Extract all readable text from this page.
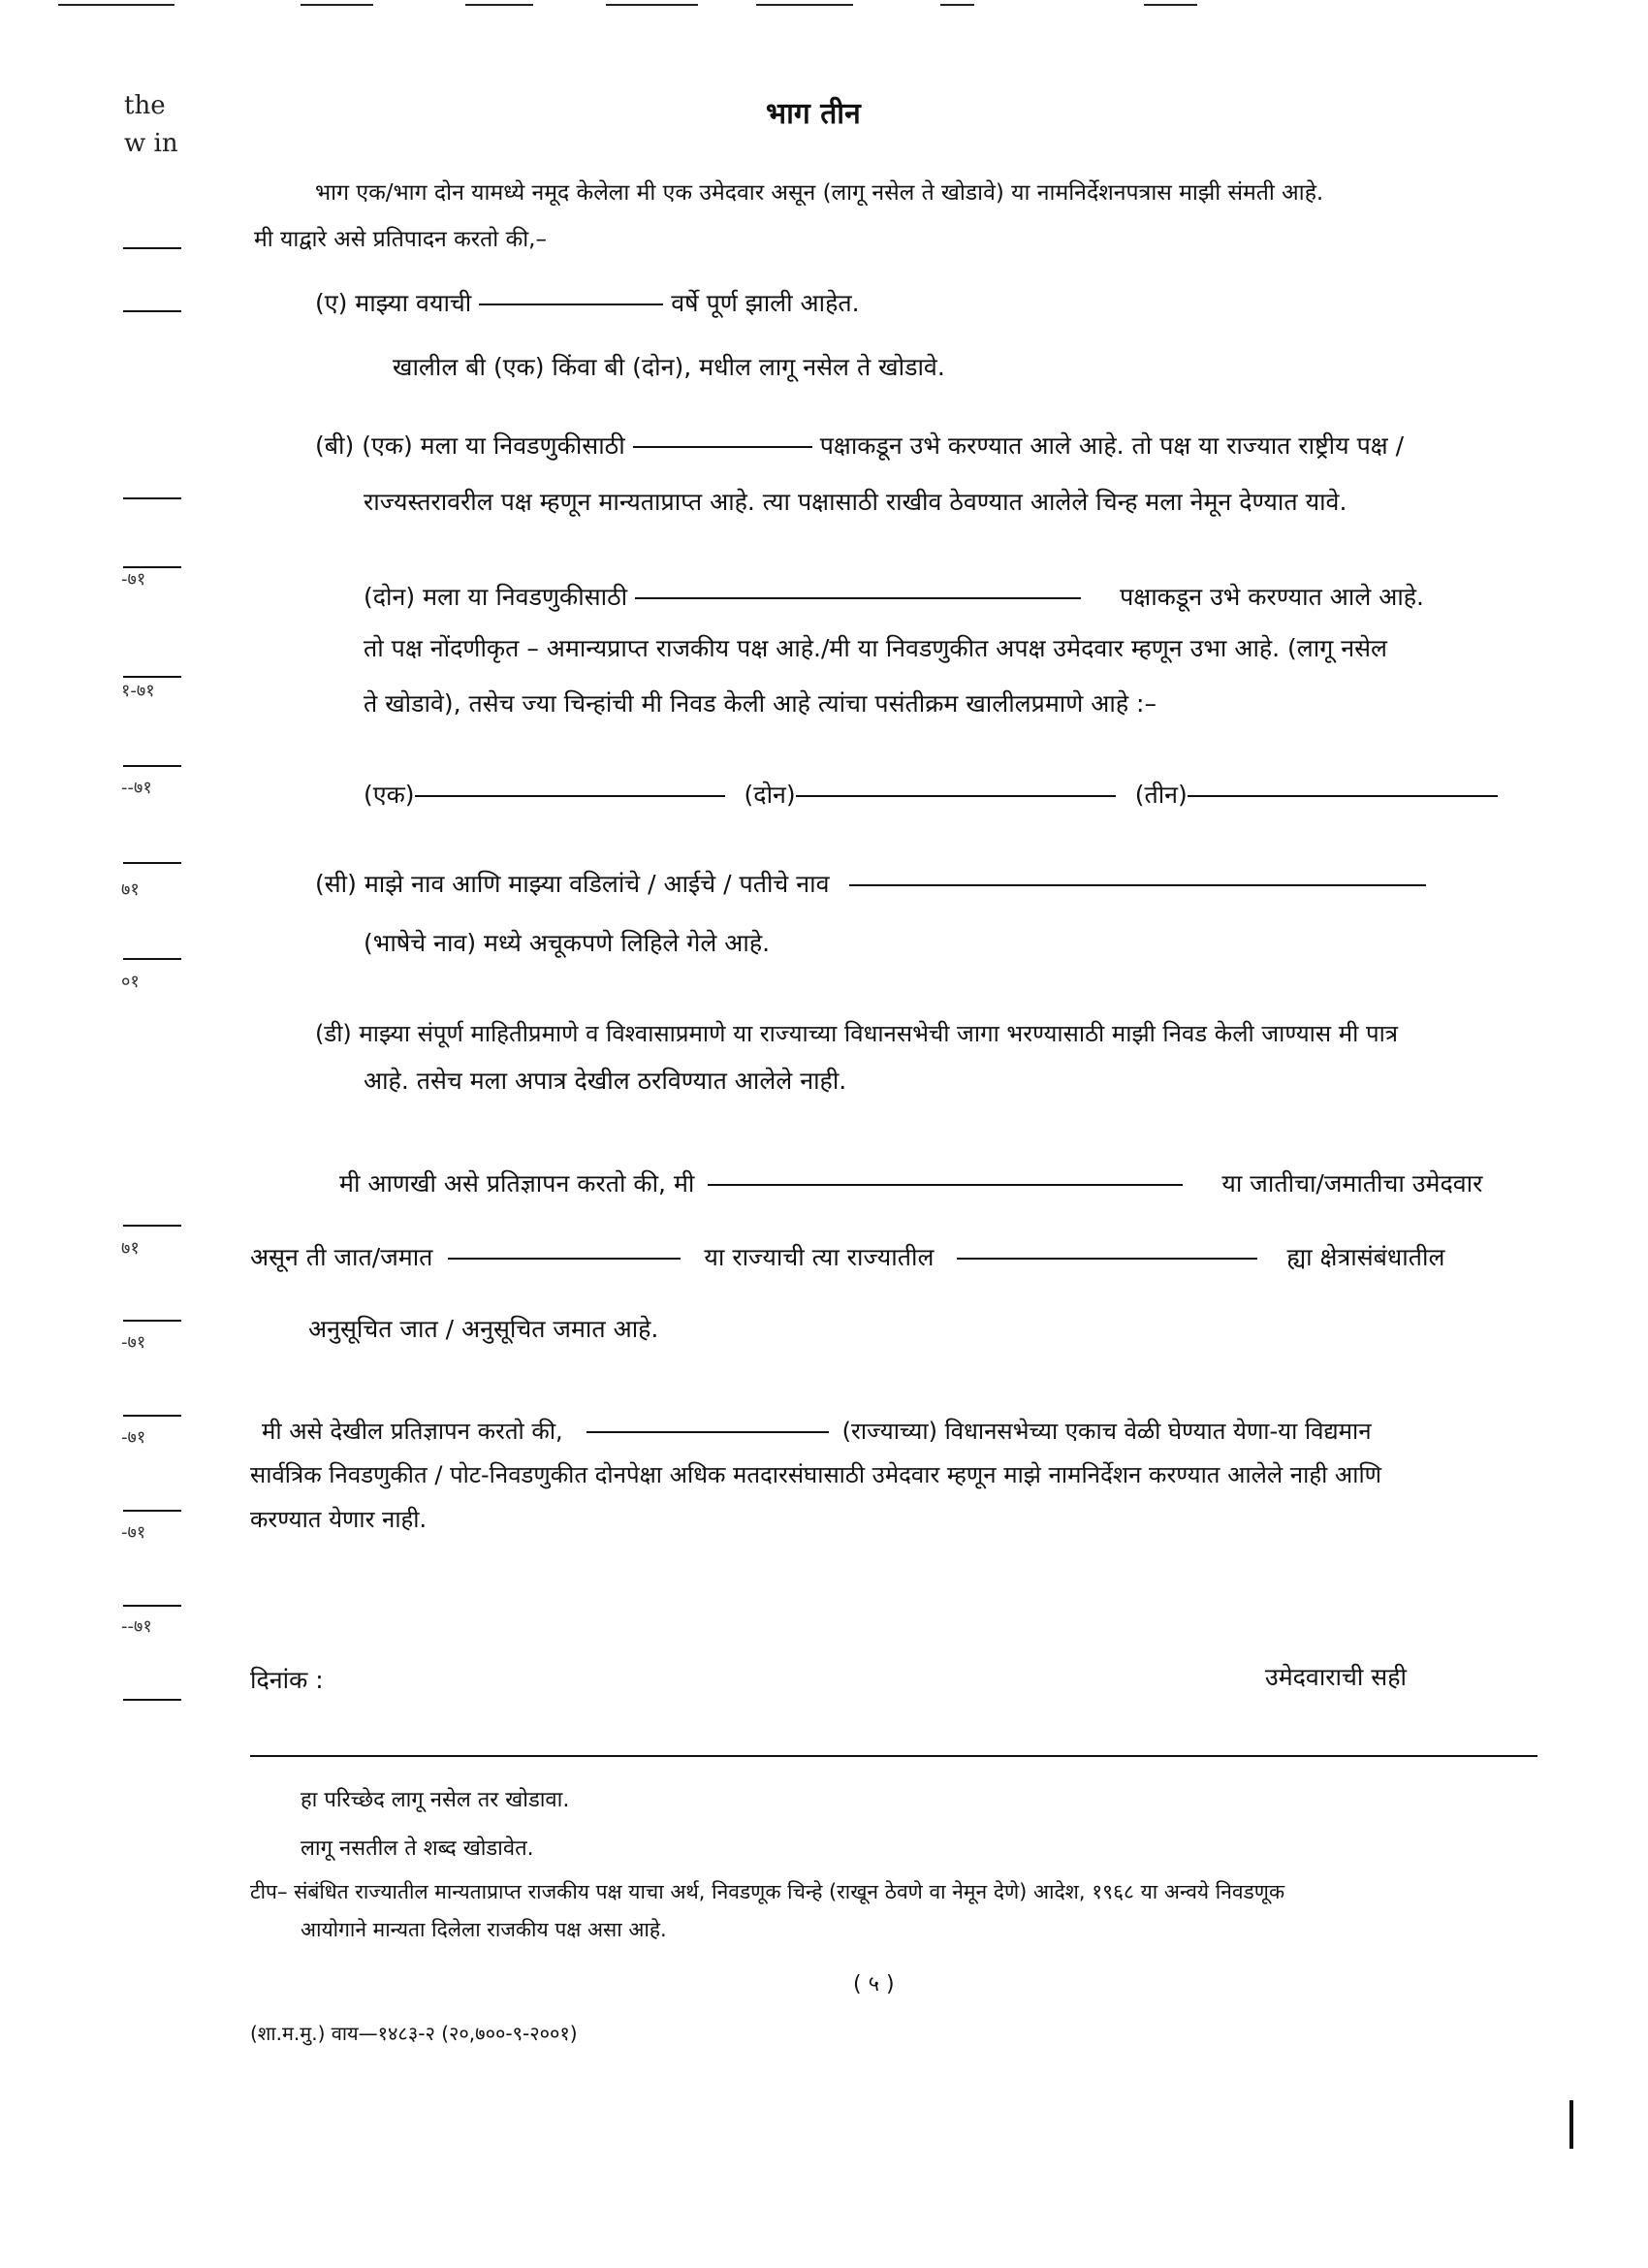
the
w in
-७१
१-७१
--७१
७१
०१
७१
-७१
-७१
-७१
--७१
भाग तीन
भाग एक/भाग दोन यामध्ये नमूद केलेला मी एक उमेदवार असून (लागू नसेल ते खोडावे) या नामनिर्देशनपत्रास माझी संमती आहे.
मी याद्वारे असे प्रतिपादन करतो की,–
(ए) माझ्या वयाची	वर्षे पूर्ण झाली आहेत.
खालील बी (एक) किंवा बी (दोन), मधील लागू नसेल ते खोडावे.
(बी) (एक) मला या निवडणुकीसाठी	पक्षाकडून उभे करण्यात आले आहे. तो पक्ष या राज्यात राष्ट्रीय पक्ष /
राज्यस्तरावरील पक्ष म्हणून मान्यताप्राप्त आहे. त्या पक्षासाठी राखीव ठेवण्यात आलेले चिन्ह मला नेमून देण्यात यावे.
(दोन) मला या निवडणुकीसाठी	पक्षाकडून उभे करण्यात आले आहे.
तो पक्ष नोंदणीकृत – अमान्यप्राप्त राजकीय पक्ष आहे./मी या निवडणुकीत अपक्ष उमेदवार म्हणून उभा आहे. (लागू नसेल
ते खोडावे), तसेच ज्या चिन्हांची मी निवड केली आहे त्यांचा पसंतीक्रम खालीलप्रमाणे आहे :–
(एक)	(दोन)	(तीन)
(सी) माझे नाव आणि माझ्या वडिलांचे / आईचे / पतीचे नाव
(भाषेचे नाव) मध्ये अचूकपणे लिहिले गेले आहे.
(डी) माझ्या संपूर्ण माहितीप्रमाणे व विश्वासाप्रमाणे या राज्याच्या विधानसभेची जागा भरण्यासाठी माझी निवड केली जाण्यास मी पात्र
आहे. तसेच मला अपात्र देखील ठरविण्यात आलेले नाही.
मी आणखी असे प्रतिज्ञापन करतो की, मी	या जातीचा/जमातीचा उमेदवार
असून ती जात/जमात	या राज्याची त्या राज्यातील	ह्या क्षेत्रासंबंधातील
अनुसूचित जात / अनुसूचित जमात आहे.
मी असे देखील प्रतिज्ञापन करतो की,	(राज्याच्या) विधानसभेच्या एकाच वेळी घेण्यात येणा-या विद्यमान
सार्वत्रिक निवडणुकीत / पोट-निवडणुकीत दोनपेक्षा अधिक मतदारसंघासाठी उमेदवार म्हणून माझे नामनिर्देशन करण्यात आलेले नाही आणि
करण्यात येणार नाही.
दिनांक :	उमेदवाराची सही
हा परिच्छेद लागू नसेल तर खोडावा.
लागू नसतील ते शब्द खोडावेत.
टीप– संबंधित राज्यातील मान्यताप्राप्त राजकीय पक्ष याचा अर्थ, निवडणूक चिन्हे (राखून ठेवणे वा नेमून देणे) आदेश, १९६८ या अन्वये निवडणूक
आयोगाने मान्यता दिलेला राजकीय पक्ष असा आहे.
( ५ )
(शा.म.मु.) वाय—१४८३-२ (२०,७००-९-२००१)
